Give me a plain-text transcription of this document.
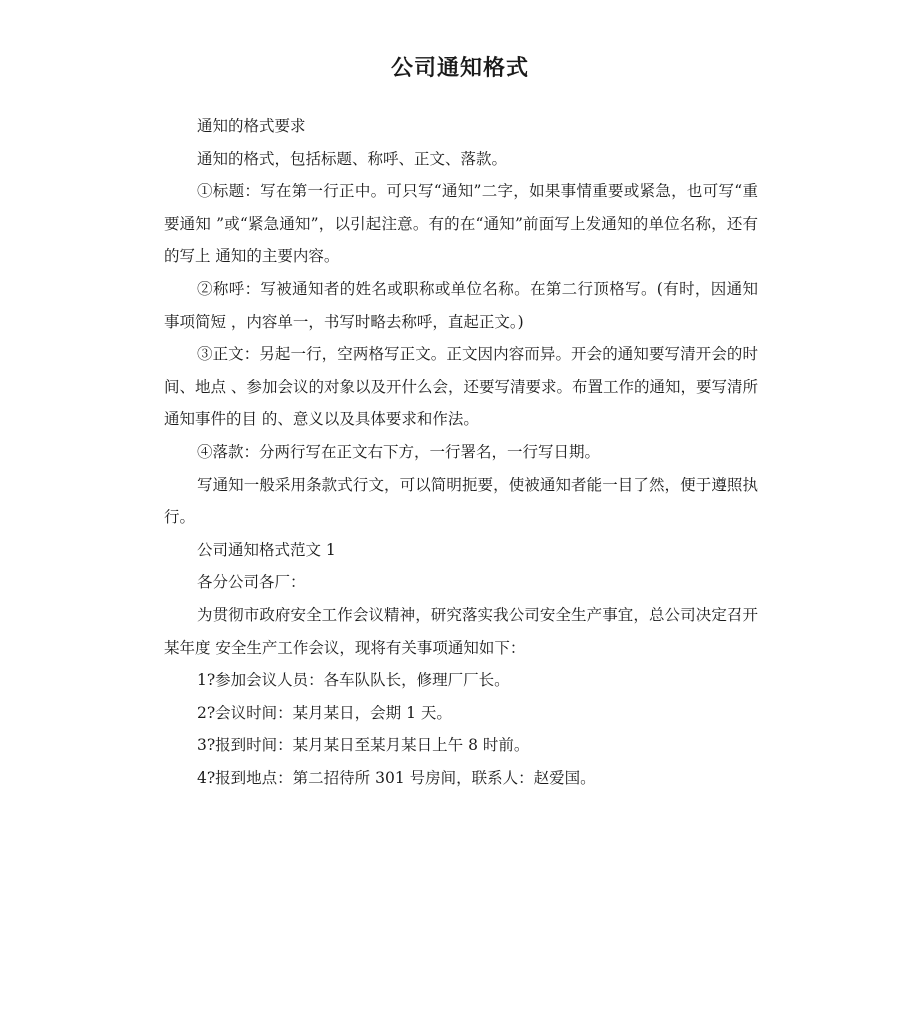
公司通知格式

通知的格式要求

通知的格式，包括标题、称呼、正文、落款。

①标题：写在第一行正中。可只写“通知”二字，如果事情重要或紧急，也可写“重要通知 ”或“紧急通知”，以引起注意。有的在“通知”前面写上发通知的单位名称，还有的写上 通知的主要内容。

②称呼：写被通知者的姓名或职称或单位名称。在第二行顶格写。(有时，因通知事项简短 ，内容单一，书写时略去称呼，直起正文。)

③正文：另起一行，空两格写正文。正文因内容而异。开会的通知要写清开会的时间、地点 、参加会议的对象以及开什么会，还要写清要求。布置工作的通知，要写清所通知事件的目 的、意义以及具体要求和作法。

④落款：分两行写在正文右下方，一行署名，一行写日期。

写通知一般采用条款式行文，可以简明扼要，使被通知者能一目了然，便于遵照执行。

公司通知格式范文 1

各分公司各厂：

为贯彻市政府安全工作会议精神，研究落实我公司安全生产事宜，总公司决定召开某年度 安全生产工作会议，现将有关事项通知如下：

1?参加会议人员：各车队队长，修理厂厂长。

2?会议时间：某月某日，会期 1 天。

3?报到时间：某月某日至某月某日上午 8 时前。

4?报到地点：第二招待所 301 号房间，联系人：赵爱国。
